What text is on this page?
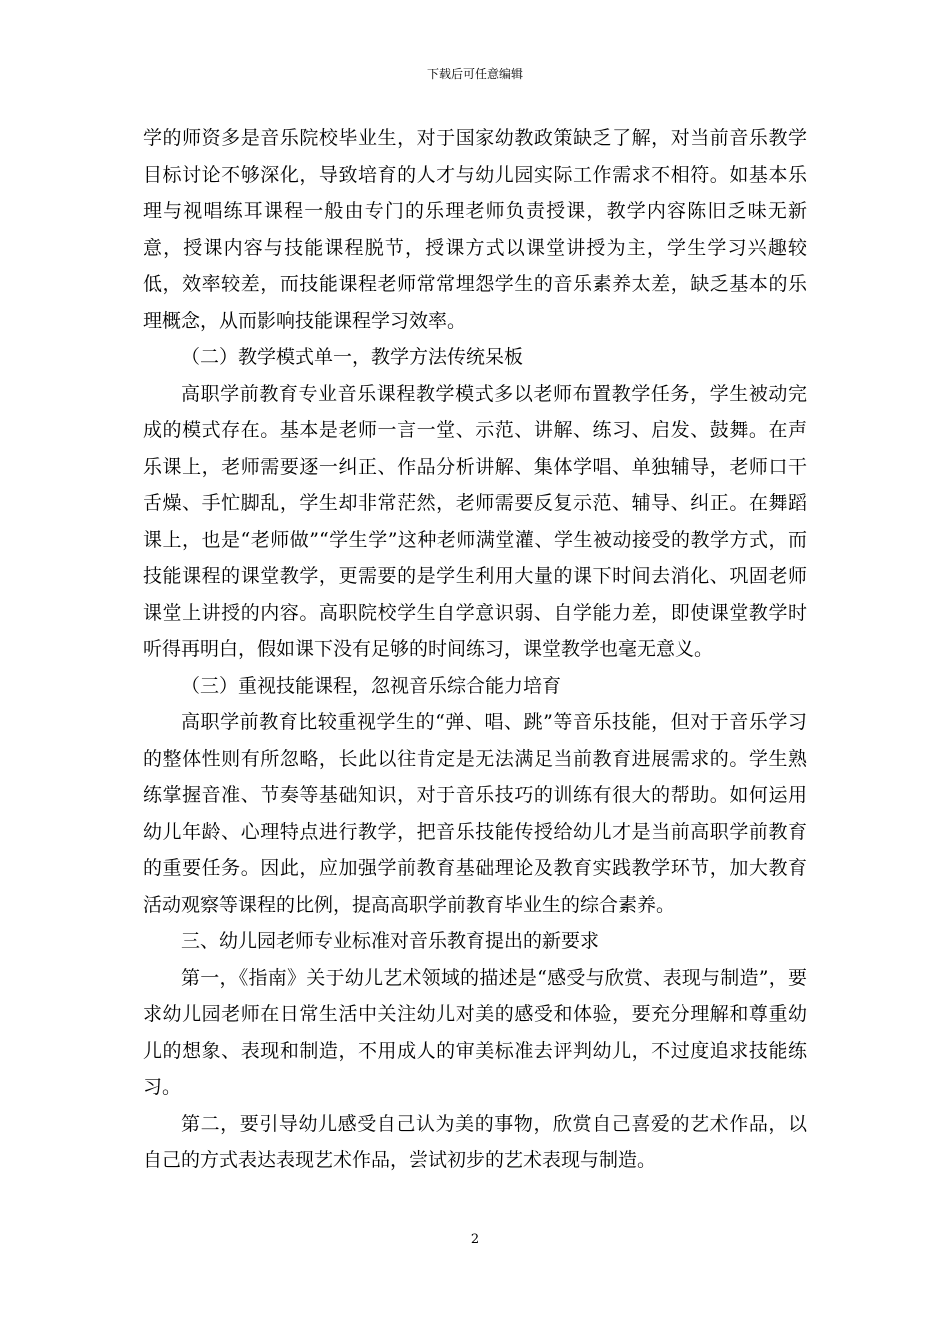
下载后可任意编辑

学的师资多是音乐院校毕业生，对于国家幼教政策缺乏了解，对当前音乐教学目标讨论不够深化，导致培育的人才与幼儿园实际工作需求不相符。如基本乐理与视唱练耳课程一般由专门的乐理老师负责授课，教学内容陈旧乏味无新意，授课内容与技能课程脱节，授课方式以课堂讲授为主，学生学习兴趣较低，效率较差，而技能课程老师常常埋怨学生的音乐素养太差，缺乏基本的乐理概念，从而影响技能课程学习效率。

（二）教学模式单一，教学方法传统呆板

高职学前教育专业音乐课程教学模式多以老师布置教学任务，学生被动完成的模式存在。基本是老师一言一堂、示范、讲解、练习、启发、鼓舞。在声乐课上，老师需要逐一纠正、作品分析讲解、集体学唱、单独辅导，老师口干舌燥、手忙脚乱，学生却非常茫然，老师需要反复示范、辅导、纠正。在舞蹈课上，也是“老师做”“学生学”这种老师满堂灌、学生被动接受的教学方式，而技能课程的课堂教学，更需要的是学生利用大量的课下时间去消化、巩固老师课堂上讲授的内容。高职院校学生自学意识弱、自学能力差，即使课堂教学时听得再明白，假如课下没有足够的时间练习，课堂教学也毫无意义。

（三）重视技能课程，忽视音乐综合能力培育

高职学前教育比较重视学生的“弹、唱、跳”等音乐技能，但对于音乐学习的整体性则有所忽略，长此以往肯定是无法满足当前教育进展需求的。学生熟练掌握音准、节奏等基础知识，对于音乐技巧的训练有很大的帮助。如何运用幼儿年龄、心理特点进行教学，把音乐技能传授给幼儿才是当前高职学前教育的重要任务。因此，应加强学前教育基础理论及教育实践教学环节，加大教育活动观察等课程的比例，提高高职学前教育毕业生的综合素养。

三、幼儿园老师专业标准对音乐教育提出的新要求

第一，《指南》关于幼儿艺术领域的描述是“感受与欣赏、表现与制造”，要求幼儿园老师在日常生活中关注幼儿对美的感受和体验，要充分理解和尊重幼儿的想象、表现和制造，不用成人的审美标准去评判幼儿，不过度追求技能练习。

第二，要引导幼儿感受自己认为美的事物，欣赏自己喜爱的艺术作品，以自己的方式表达表现艺术作品，尝试初步的艺术表现与制造。

2
